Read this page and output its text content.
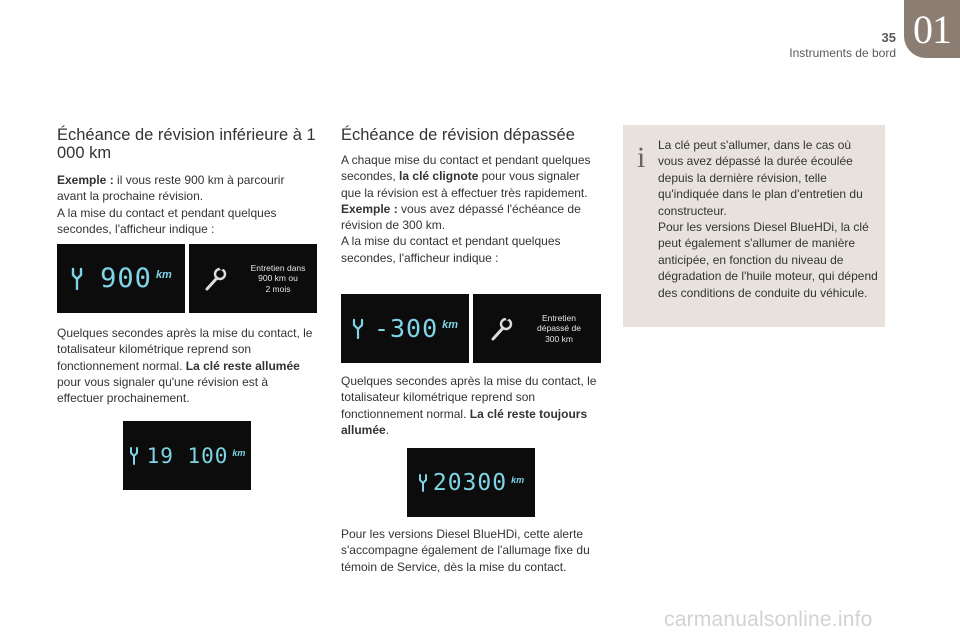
35 01
Instruments de bord
Échéance de révision inférieure à 1 000 km

Exemple : il vous reste 900 km à parcourir avant la prochaine révision.

A la mise du contact et pendant quelques secondes, l'afficheur indique :

900 km
Entretien dans
900 km ou
2 mois

Quelques secondes après la mise du contact, le totalisateur kilométrique reprend son fonctionnement normal. La clé reste allumée pour vous signaler qu'une révision est à effectuer prochainement.

19 100 km
Échéance de révision dépassée

A chaque mise du contact et pendant quelques secondes, la clé clignote pour vous signaler que la révision est à effectuer très rapidement.

Exemple : vous avez dépassé l'échéance de révision de 300 km.

A la mise du contact et pendant quelques secondes, l'afficheur indique :

-300 km
Entretien
dépassé de
300 km

Quelques secondes après la mise du contact, le totalisateur kilométrique reprend son fonctionnement normal. La clé reste toujours allumée.

20300 km

Pour les versions Diesel BlueHDi, cette alerte s'accompagne également de l'allumage fixe du témoin de Service, dès la mise du contact.

i La clé peut s'allumer, dans le cas où vous avez dépassé la durée écoulée depuis la dernière révision, telle qu'indiquée dans le plan d'entretien du constructeur.

Pour les versions Diesel BlueHDi, la clé peut également s'allumer de manière anticipée, en fonction du niveau de dégradation de l'huile moteur, qui dépend des conditions de conduite du véhicule.

carmanualsonline.info
